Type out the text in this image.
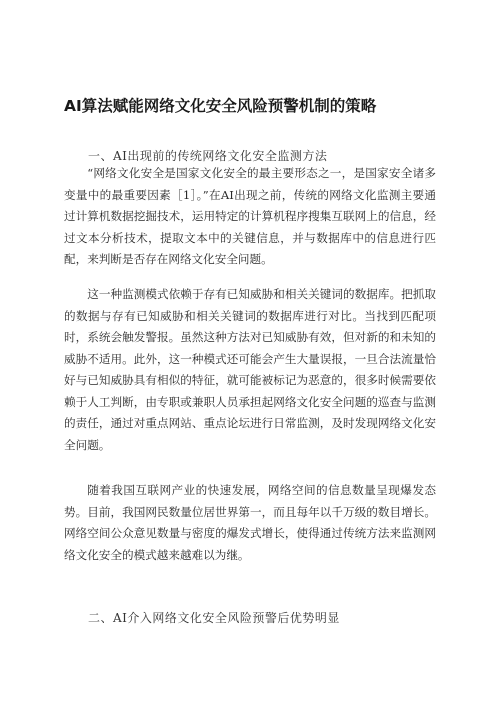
AI算法赋能网络文化安全风险预警机制的策略
一、AI出现前的传统网络文化安全监测方法

“网络文化安全是国家文化安全的最主要形态之一，是国家安全诸多变量中的最重要因素［1］。”在AI出现之前，传统的网络文化监测主要通过计算机数据挖掘技术，运用特定的计算机程序搜集互联网上的信息，经过文本分析技术，提取文本中的关键信息，并与数据库中的信息进行匹配，来判断是否存在网络文化安全问题。

这一种监测模式依赖于存有已知威胁和相关关键词的数据库。把抓取的数据与存有已知威胁和相关关键词的数据库进行对比。当找到匹配项时，系统会触发警报。虽然这种方法对已知威胁有效，但对新的和未知的威胁不适用。此外，这一种模式还可能会产生大量误报，一旦合法流量恰好与已知威胁具有相似的特征，就可能被标记为恶意的，很多时候需要依赖于人工判断，由专职或兼职人员承担起网络文化安全问题的巡查与监测的责任，通过对重点网站、重点论坛进行日常监测，及时发现网络文化安全问题。

随着我国互联网产业的快速发展，网络空间的信息数量呈现爆发态势。目前，我国网民数量位居世界第一，而且每年以千万级的数目增长。网络空间公众意见数量与密度的爆发式增长，使得通过传统方法来监测网络文化安全的模式越来越难以为继。

二、AI介入网络文化安全风险预警后优势明显
